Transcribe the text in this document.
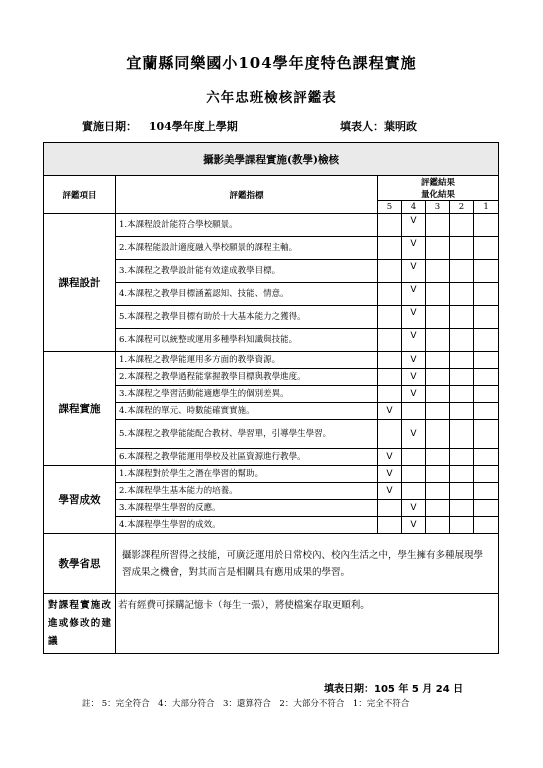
宜蘭縣同樂國小104學年度特色課程實施
六年忠班檢核評鑑表
實施日期： 104學年度上學期	填表人：葉明政
攝影美學課程實施(教學)檢核						
評鑑項目	評鑑指標	評鑑結果
量化結果				

		5	4	3	2	1
課程設計	1.本課程設計能符合學校願景。		V			
	2.本課程能設計適度融入學校願景的課程主軸。		V			
	3.本課程之教學設計能有效達成教學目標。		V			
	4.本課程之教學目標涵蓋認知、技能、情意。		V			
	5.本課程之教學目標有助於十大基本能力之獲得。		V			
	6.本課程可以統整或運用多種學科知識與技能。		V			
課程實施	1.本課程之教學能運用多方面的教學資源。		V			
	2.本課程之教學過程能掌握教學目標與教學進度。		V			
	3.本課程之學習活動能適應學生的個別差異。		V			
	4.本課程的單元、時數能確實實施。	V				
	5.本課程之教學能能配合教材、學習單，引導學生學習。		V			
	6.本課程之教學能運用學校及社區資源進行教學。	V				
學習成效	1.本課程對於學生之潛在學習的幫助。	V				
	2.本課程學生基本能力的培養。	V				
	3.本課程學生學習的反應。		V			
	4.本課程學生學習的成效。		V			
教學省思	攝影課程所習得之技能，可廣泛運用於日常校內、校內生活之中，學生擁有多種展現學習成果之機會，對其而言是相關具有應用成果的學習。					
對課程實施改進或修改的建議	若有經費可採購記憶卡（每生一張），將使檔案存取更順利。					
填表日期：105 年 5 月 24 日
註： 5：完全符合　4：大部分符合　3：還算符合　2：大部分不符合　1：完全不符合
